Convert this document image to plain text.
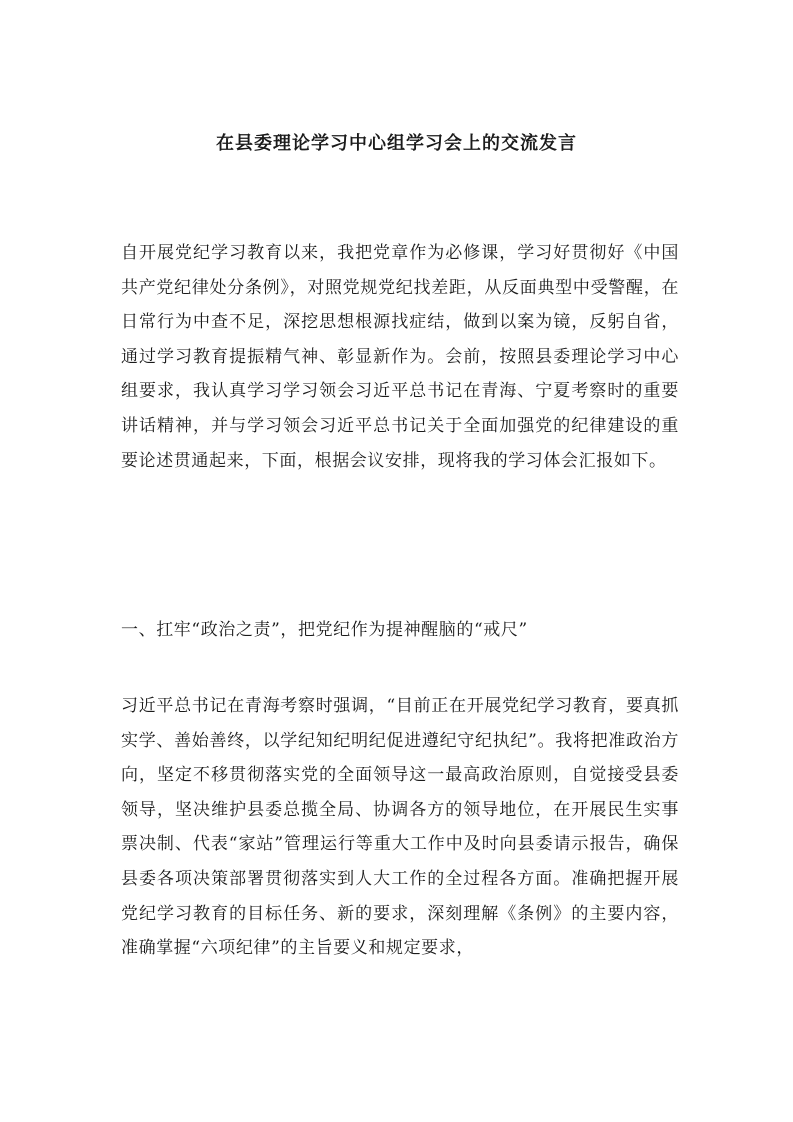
在县委理论学习中心组学习会上的交流发言

自开展党纪学习教育以来，我把党章作为必修课，学习好贯彻好《中国共产党纪律处分条例》，对照党规党纪找差距，从反面典型中受警醒，在日常行为中查不足，深挖思想根源找症结，做到以案为镜，反躬自省，通过学习教育提振精气神、彰显新作为。会前，按照县委理论学习中心组要求，我认真学习学习领会习近平总书记在青海、宁夏考察时的重要讲话精神，并与学习领会习近平总书记关于全面加强党的纪律建设的重要论述贯通起来，下面，根据会议安排，现将我的学习体会汇报如下。

一、扛牢“政治之责”，把党纪作为提神醒脑的“戒尺”

习近平总书记在青海考察时强调，“目前正在开展党纪学习教育，要真抓实学、善始善终，以学纪知纪明纪促进遵纪守纪执纪”。我将把准政治方向，坚定不移贯彻落实党的全面领导这一最高政治原则，自觉接受县委领导，坚决维护县委总揽全局、协调各方的领导地位，在开展民生实事票决制、代表“家站”管理运行等重大工作中及时向县委请示报告，确保县委各项决策部署贯彻落实到人大工作的全过程各方面。准确把握开展党纪学习教育的目标任务、新的要求，深刻理解《条例》的主要内容，准确掌握“六项纪律”的主旨要义和规定要求，
